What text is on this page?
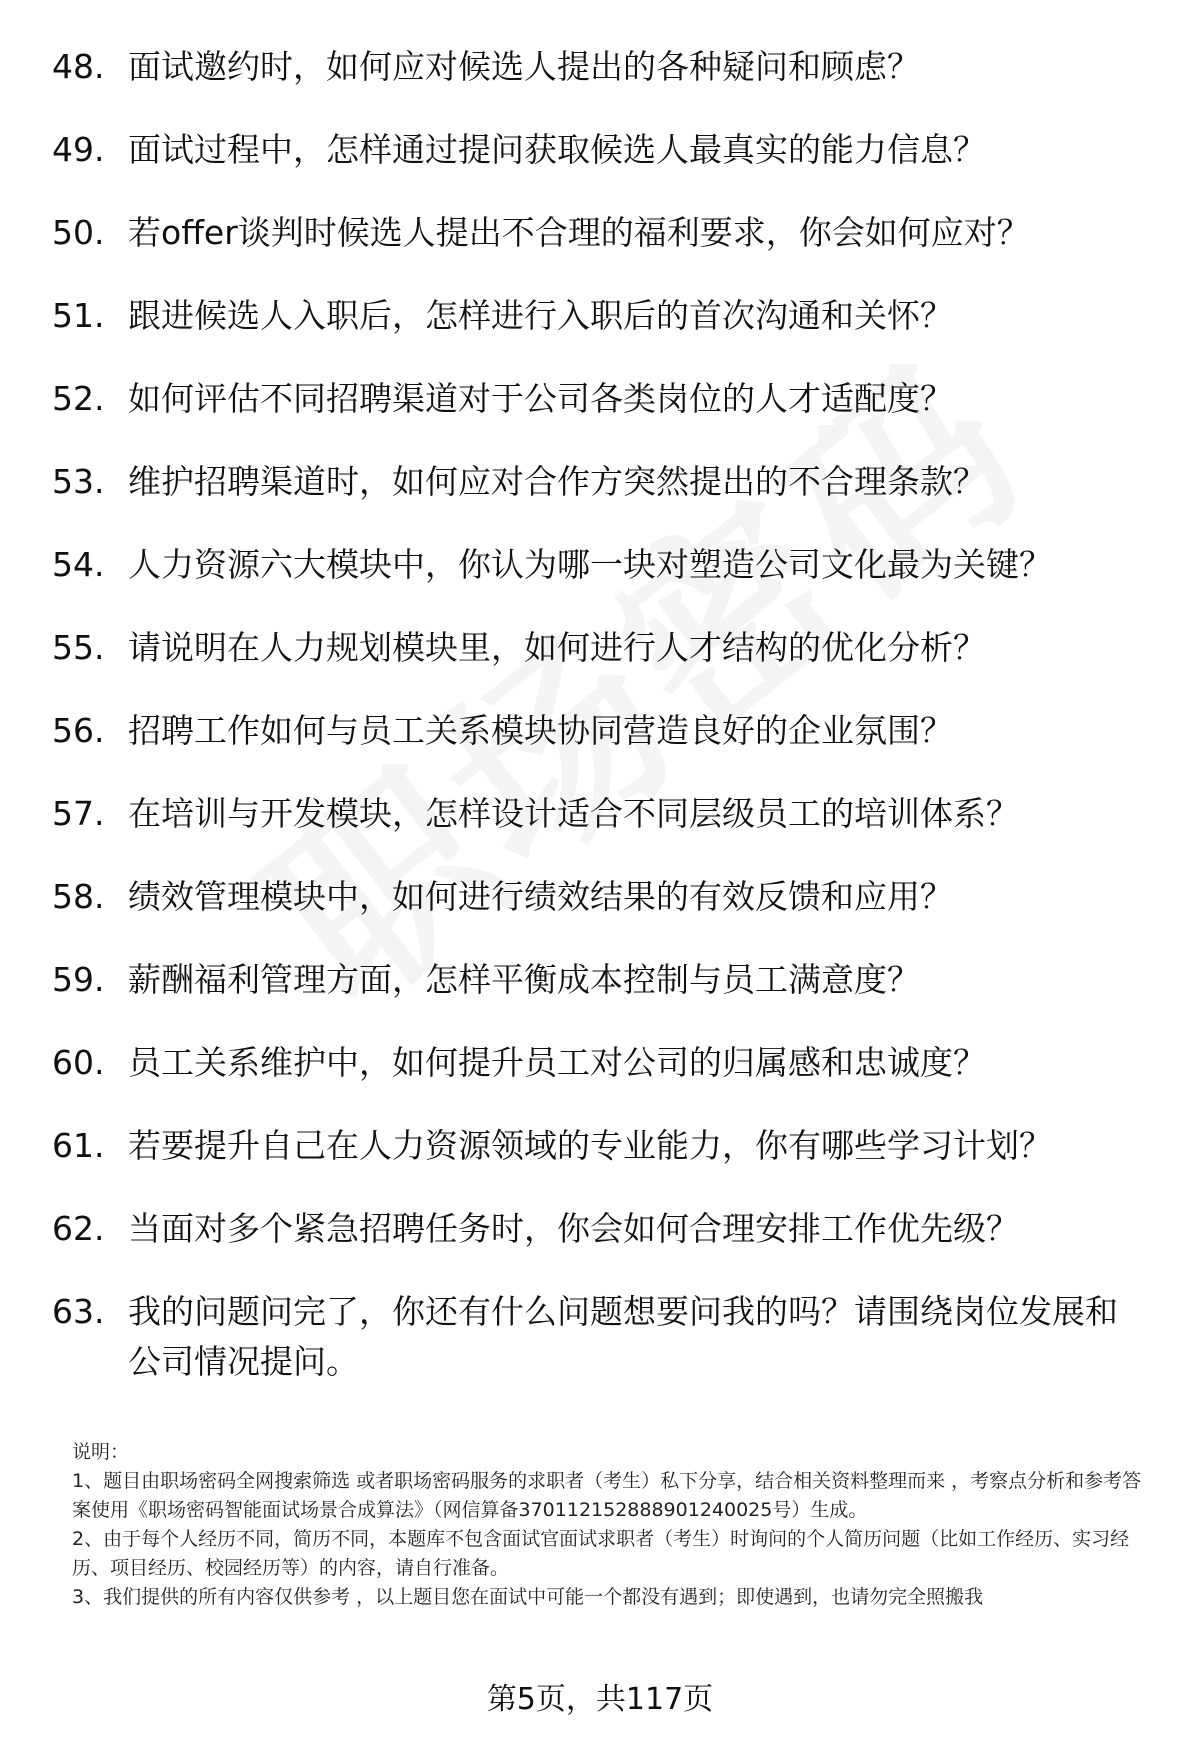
48. 面试邀约时，如何应对候选人提出的各种疑问和顾虑？
49. 面试过程中，怎样通过提问获取候选人最真实的能力信息？
50. 若offer谈判时候选人提出不合理的福利要求，你会如何应对？
51. 跟进候选人入职后，怎样进行入职后的首次沟通和关怀？
52. 如何评估不同招聘渠道对于公司各类岗位的人才适配度？
53. 维护招聘渠道时，如何应对合作方突然提出的不合理条款？
54. 人力资源六大模块中，你认为哪一块对塑造公司文化最为关键？
55. 请说明在人力规划模块里，如何进行人才结构的优化分析？
56. 招聘工作如何与员工关系模块协同营造良好的企业氛围？
57. 在培训与开发模块，怎样设计适合不同层级员工的培训体系？
58. 绩效管理模块中，如何进行绩效结果的有效反馈和应用？
59. 薪酬福利管理方面，怎样平衡成本控制与员工满意度？
60. 员工关系维护中，如何提升员工对公司的归属感和忠诚度？
61. 若要提升自己在人力资源领域的专业能力，你有哪些学习计划？
62. 当面对多个紧急招聘任务时，你会如何合理安排工作优先级？
63. 我的问题问完了，你还有什么问题想要问我的吗？请围绕岗位发展和公司情况提问。

说明：

1、题目由职场密码全网搜索筛选 或者职场密码服务的求职者（考生）私下分享，结合相关资料整理而来 ，考察点分析和参考答案使用《职场密码智能面试场景合成算法》（网信算备370112152888901240025号）生成。

2、由于每个人经历不同，简历不同，本题库不包含面试官面试求职者（考生）时询问的个人简历问题（比如工作经历、实习经历、项目经历、校园经历等）的内容，请自行准备。

3、我们提供的所有内容仅供参考 ，以上题目您在面试中可能一个都没有遇到；即使遇到，也请勿完全照搬我

第5页，共117页
